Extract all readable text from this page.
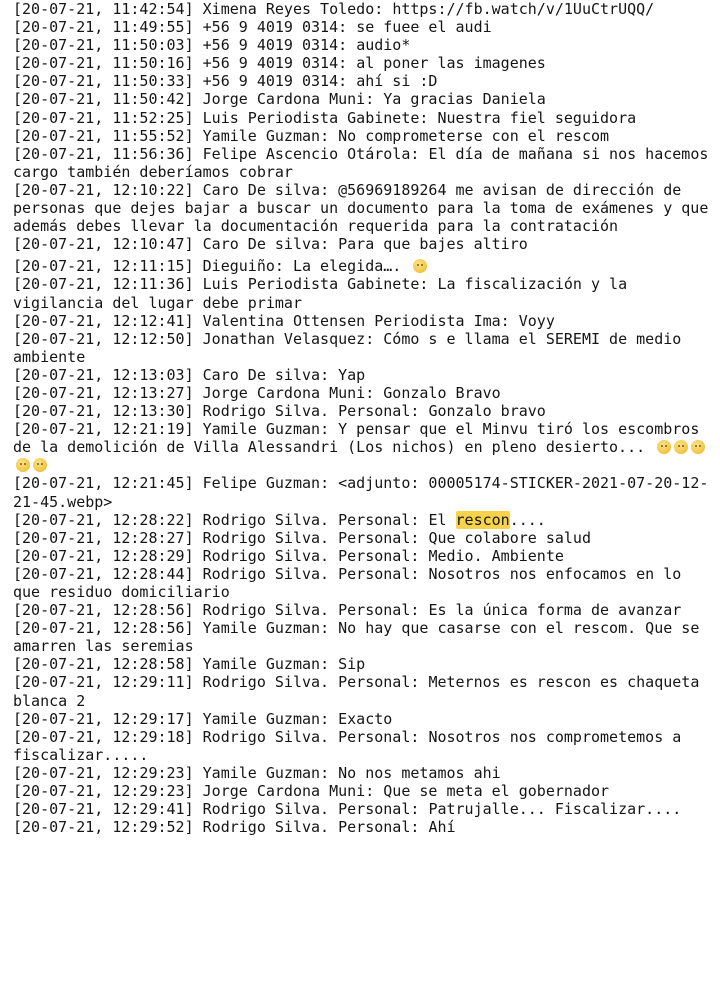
[20-07-21, 11:42:54] Ximena Reyes Toledo: https://fb.watch/v/1UuCtrUQQ/

[20-07-21, 11:49:55] +56 9 4019 0314: se fuee el audi

[20-07-21, 11:50:03] +56 9 4019 0314: audio*

[20-07-21, 11:50:16] +56 9 4019 0314: al poner las imagenes

[20-07-21, 11:50:33] +56 9 4019 0314: ahí si :D

[20-07-21, 11:50:42] Jorge Cardona Muni: Ya gracias Daniela

[20-07-21, 11:52:25] Luis Periodista Gabinete: Nuestra fiel seguidora

[20-07-21, 11:55:52] Yamile Guzman: No comprometerse con el rescom

[20-07-21, 11:56:36] Felipe Ascencio Otárola: El día de mañana si nos hacemos cargo también deberíamos cobrar

[20-07-21, 12:10:22] Caro De silva: @56969189264 me avisan de dirección de personas que dejes bajar a buscar un documento para la toma de exámenes y que además debes llevar la documentación requerida para la contratación

[20-07-21, 12:10:47] Caro De silva: Para que bajes altiro

[20-07-21, 12:11:15] Dieguiño: La elegida….

[20-07-21, 12:11:36] Luis Periodista Gabinete: La fiscalización y la vigilancia del lugar debe primar

[20-07-21, 12:12:41] Valentina Ottensen Periodista Ima: Voyy

[20-07-21, 12:12:50] Jonathan Velasquez: Cómo s e llama el SEREMI de medio ambiente

[20-07-21, 12:13:03] Caro De silva: Yap

[20-07-21, 12:13:27] Jorge Cardona Muni: Gonzalo Bravo

[20-07-21, 12:13:30] Rodrigo Silva. Personal: Gonzalo bravo

[20-07-21, 12:21:19] Yamile Guzman: Y pensar que el Minvu tiró los escombros de la demolición de Villa Alessandri (Los nichos) en pleno desierto...

[20-07-21, 12:21:45] Felipe Guzman: <adjunto: 00005174-STICKER-2021-07-20-12-21-45.webp>

[20-07-21, 12:28:22] Rodrigo Silva. Personal: El rescon....

[20-07-21, 12:28:27] Rodrigo Silva. Personal: Que colabore salud

[20-07-21, 12:28:29] Rodrigo Silva. Personal: Medio. Ambiente

[20-07-21, 12:28:44] Rodrigo Silva. Personal: Nosotros nos enfocamos en lo que residuo domiciliario

[20-07-21, 12:28:56] Rodrigo Silva. Personal: Es la única forma de avanzar

[20-07-21, 12:28:56] Yamile Guzman: No hay que casarse con el rescom. Que se amarren las seremias

[20-07-21, 12:28:58] Yamile Guzman: Sip

[20-07-21, 12:29:11] Rodrigo Silva. Personal: Meternos es rescon es chaqueta blanca 2

[20-07-21, 12:29:17] Yamile Guzman: Exacto

[20-07-21, 12:29:18] Rodrigo Silva. Personal: Nosotros nos comprometemos a fiscalizar.....

[20-07-21, 12:29:23] Yamile Guzman: No nos metamos ahi

[20-07-21, 12:29:23] Jorge Cardona Muni: Que se meta el gobernador

[20-07-21, 12:29:41] Rodrigo Silva. Personal: Patrujalle... Fiscalizar....

[20-07-21, 12:29:52] Rodrigo Silva. Personal: Ahí
